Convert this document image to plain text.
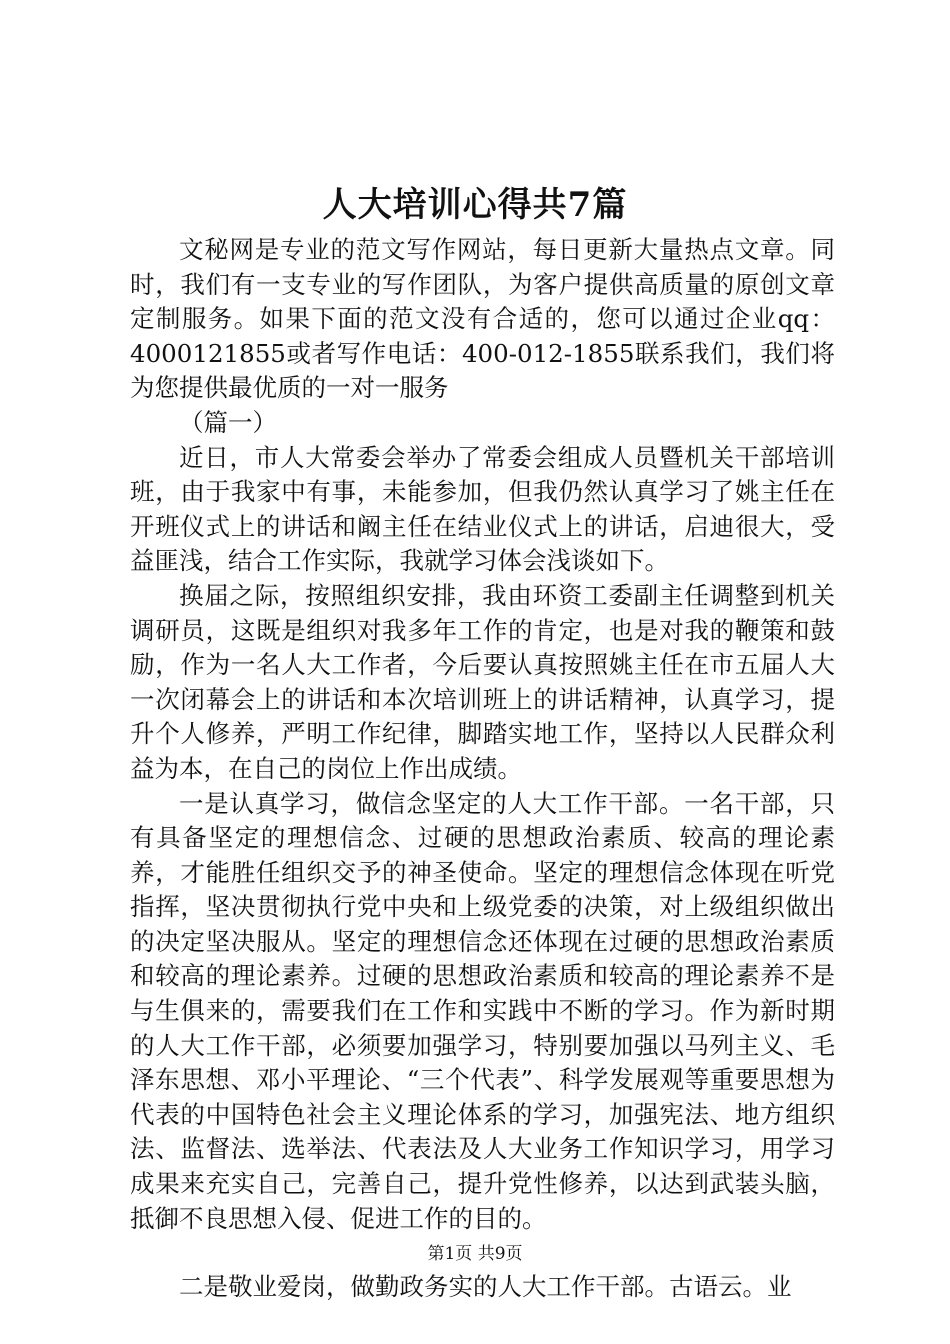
人大培训心得共7篇

文秘网是专业的范文写作网站，每日更新大量热点文章。同时，我们有一支专业的写作团队，为客户提供高质量的原创文章定制服务。如果下面的范文没有合适的，您可以通过企业qq：4000121855或者写作电话：400-012-1855联系我们，我们将为您提供最优质的一对一服务

（篇一）

近日，市人大常委会举办了常委会组成人员暨机关干部培训班，由于我家中有事，未能参加，但我仍然认真学习了姚主任在开班仪式上的讲话和阚主任在结业仪式上的讲话，启迪很大，受益匪浅，结合工作实际，我就学习体会浅谈如下。

换届之际，按照组织安排，我由环资工委副主任调整到机关调研员，这既是组织对我多年工作的肯定，也是对我的鞭策和鼓励，作为一名人大工作者，今后要认真按照姚主任在市五届人大一次闭幕会上的讲话和本次培训班上的讲话精神，认真学习，提升个人修养，严明工作纪律，脚踏实地工作，坚持以人民群众利益为本，在自己的岗位上作出成绩。

一是认真学习，做信念坚定的人大工作干部。一名干部，只有具备坚定的理想信念、过硬的思想政治素质、较高的理论素养，才能胜任组织交予的神圣使命。坚定的理想信念体现在听党指挥，坚决贯彻执行党中央和上级党委的决策，对上级组织做出的决定坚决服从。坚定的理想信念还体现在过硬的思想政治素质和较高的理论素养。过硬的思想政治素质和较高的理论素养不是与生俱来的，需要我们在工作和实践中不断的学习。作为新时期的人大工作干部，必须要加强学习，特别要加强以马列主义、毛泽东思想、邓小平理论、“三个代表”、科学发展观等重要思想为代表的中国特色社会主义理论体系的学习，加强宪法、地方组织法、监督法、选举法、代表法及人大业务工作知识学习，用学习成果来充实自己，完善自己，提升党性修养，以达到武装头脑，抵御不良思想入侵、促进工作的目的。

二是敬业爱岗，做勤政务实的人大工作干部。古语云。业

第1页 共9页
